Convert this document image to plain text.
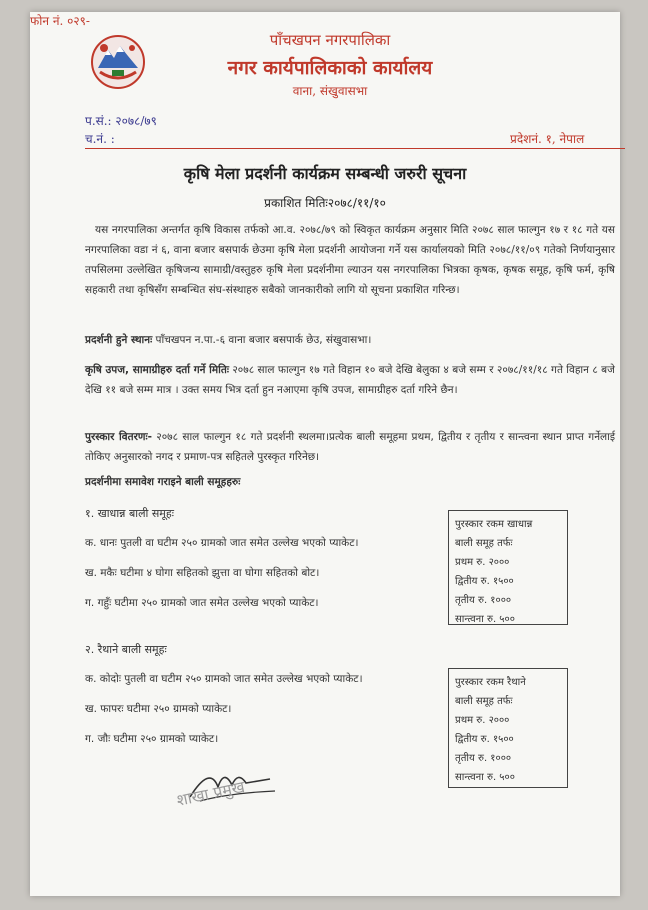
पाँचखपन नगरपालिका
नगर कार्यपालिकाको कार्यालय
वाना, संखुवासभा
फोन नं. ०२९-
प.सं.: २०७८/७९
च.नं. :	प्रदेशनं. १, नेपाल
कृषि मेला प्रदर्शनी कार्यक्रम सम्बन्धी जरुरी सूचना
प्रकाशित मितिः२०७८/११/१०
यस नगरपालिका अन्तर्गत कृषि विकास तर्फको आ.व. २०७८/७९ को स्विकृत कार्यक्रम अनुसार मिति २०७८ साल फाल्गुन १७ र १८ गते यस नगरपालिका वडा नं ६, वाना बजार बसपार्क छेउमा कृषि मेला प्रदर्शनी आयोजना गर्ने यस कार्यालयको मिति २०७८/११/०९ गतेको निर्णयानुसार तपसिलमा उल्लेखित कृषिजन्य सामाग्री/वस्तुहरु कृषि मेला प्रदर्शनीमा ल्याउन यस नगरपालिका भित्रका कृषक, कृषक समूह, कृषि फर्म, कृषि सहकारी तथा कृषिसँग सम्बन्धित संघ-संस्थाहरु सबैको जानकारीको लागि यो सूचना प्रकाशित गरिन्छ।
प्रदर्शनी हुने स्थानः पाँचखपन न.पा.-६ वाना बजार बसपार्क छेउ, संखुवासभा।
कृषि उपज, सामाग्रीहरु दर्ता गर्ने मितिः २०७८ साल फाल्गुन १७ गते विहान १० बजे देखि बेलुका ४ बजे सम्म र २०७८/११/१८ गते विहान ८ बजे देखि ११ बजे सम्म मात्र । उक्त समय भित्र दर्ता हुन नआएमा कृषि उपज, सामाग्रीहरु दर्ता गरिने छैन।
पुरस्कार वितरणः- २०७८ साल फाल्गुन १८ गते प्रदर्शनी स्थलमा।प्रत्येक बाली समूहमा प्रथम, द्वितीय र तृतीय र सान्त्वना स्थान प्राप्त गर्नेलाई तोकिए अनुसारको नगद र प्रमाण-पत्र सहितले पुरस्कृत गरिनेछ।
प्रदर्शनीमा समावेश गराइने बाली समूहहरुः
१. खाधान्न बाली समूहः
क. धानः पुतली वा घटीम २५० ग्रामको जात समेत उल्लेख भएको प्याकेट।
ख. मकैः घटीमा ४ घोगा सहितको झुत्ता वा घोगा सहितको बोट।
ग. गहुँः घटीमा २५० ग्रामको जात समेत उल्लेख भएको प्याकेट।
पुरस्कार रकम खाधान्न
बाली समूह तर्फः
प्रथम रु. २०००
द्वितीय रु. १५००
तृतीय रु. १०००
सान्त्वना रु. ५००
२. रैथाने बाली समूहः
क. कोदोः पुतली वा घटीम २५० ग्रामको जात समेत उल्लेख भएको प्याकेट।
ख. फापरः घटीमा २५० ग्रामको प्याकेट।
ग. जौः घटीमा २५० ग्रामको प्याकेट।
पुरस्कार रकम रैथाने
बाली समूह तर्फः
प्रथम रु. २०००
द्वितीय रु. १५००
तृतीय रु. १०००
सान्त्वना रु. ५००
शाखा प्रमुख
